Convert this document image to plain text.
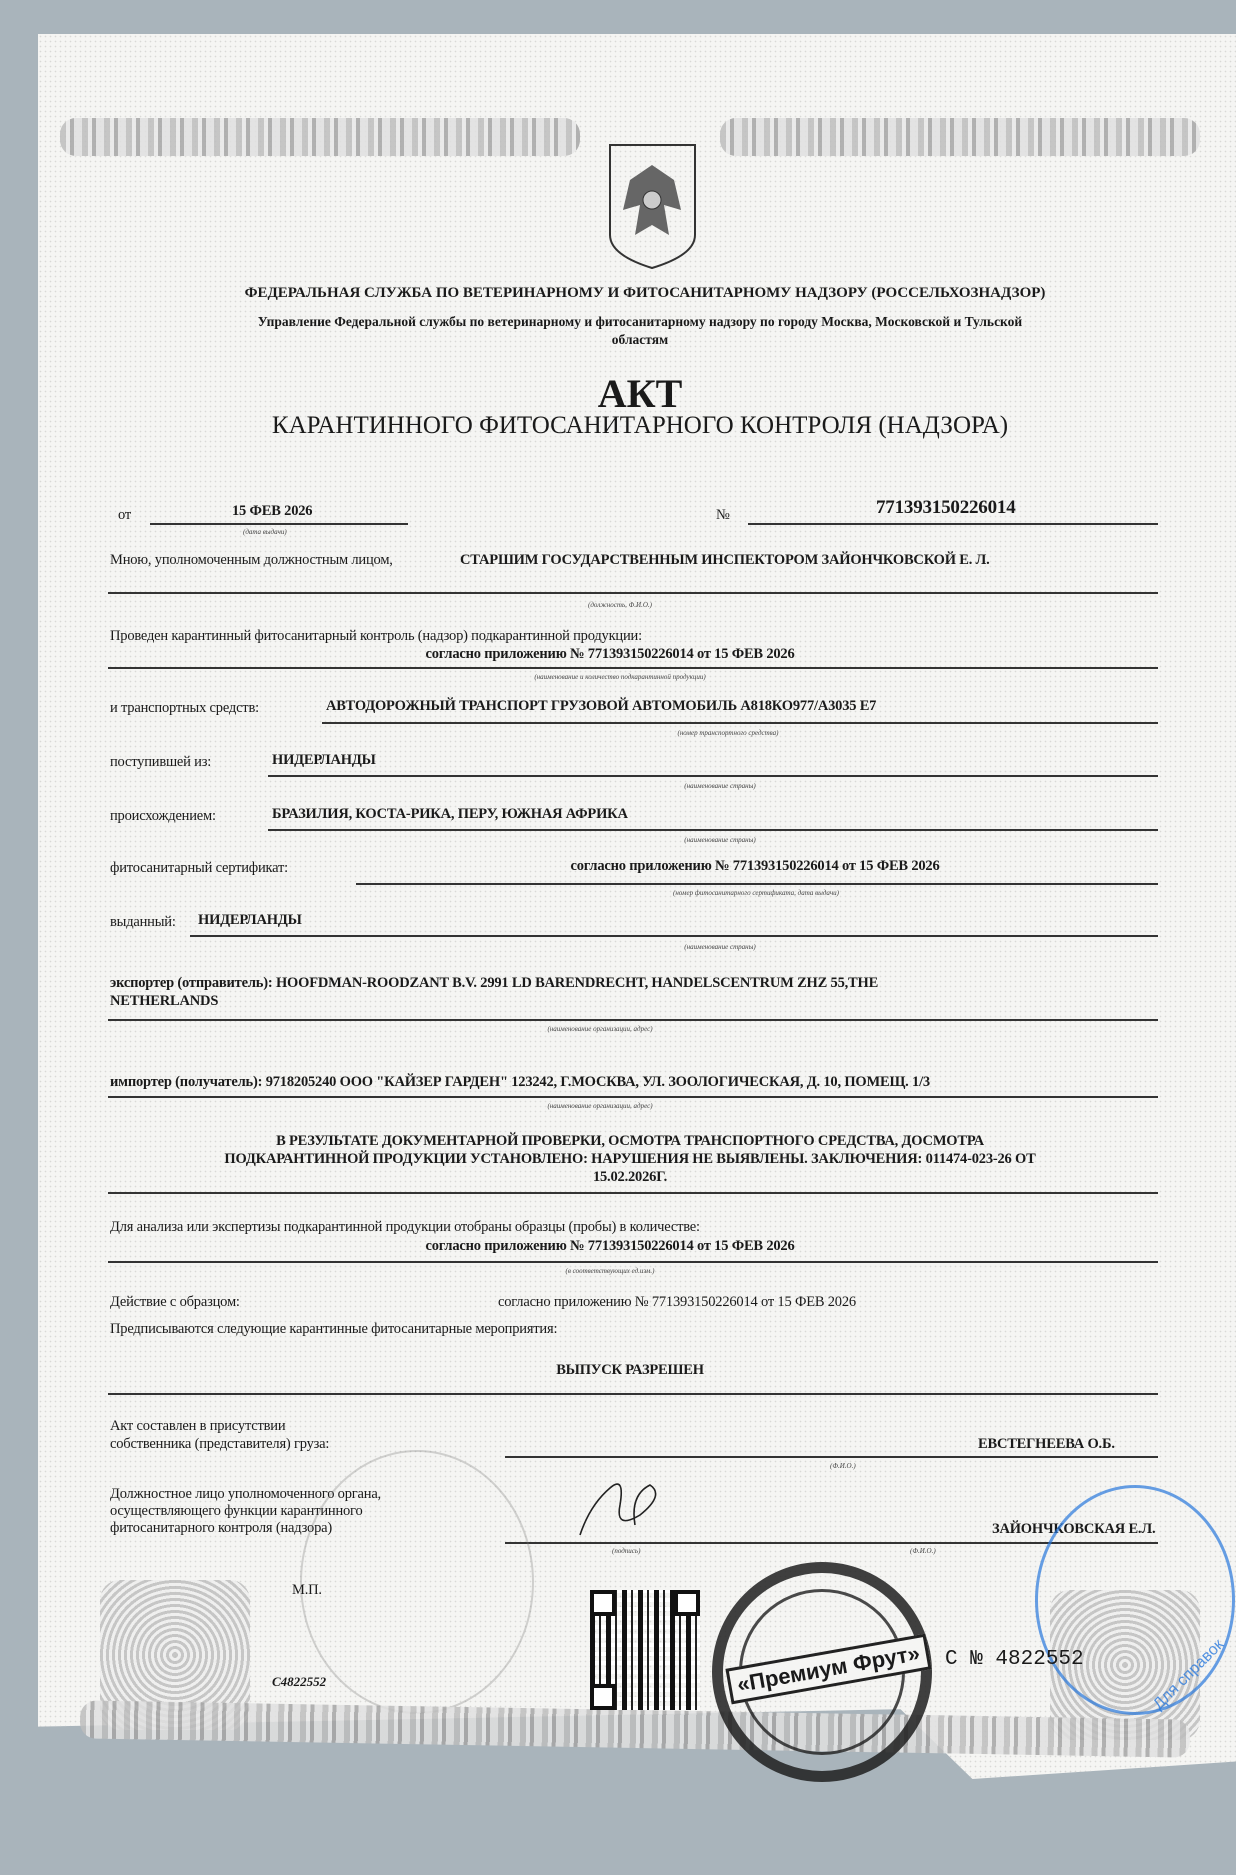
ФЕДЕРАЛЬНАЯ СЛУЖБА ПО ВЕТЕРИНАРНОМУ И ФИТОСАНИТАРНОМУ НАДЗОРУ (РОССЕЛЬХОЗНАДЗОР)
Управление Федеральной службы по ветеринарному и фитосанитарному надзору по городу Москва, Московской и Тульской
областям
АКТ
КАРАНТИННОГО ФИТОСАНИТАРНОГО КОНТРОЛЯ (НАДЗОРА)
от	15 ФЕВ 2026
(дата выдачи)
№	771393150226014
Мною, уполномоченным должностным лицом,	СТАРШИМ ГОСУДАРСТВЕННЫМ ИНСПЕКТОРОМ ЗАЙОНЧКОВСКОЙ Е. Л.
(должность, Ф.И.О.)
Проведен карантинный фитосанитарный контроль (надзор) подкарантинной продукции:
согласно приложению № 771393150226014 от 15 ФЕВ 2026
(наименование и количество подкарантинной продукции)
и транспортных средств:	АВТОДОРОЖНЫЙ ТРАНСПОРТ ГРУЗОВОЙ АВТОМОБИЛЬ А818КО977/А3035 Е7
(номер транспортного средства)
поступившей из:	НИДЕРЛАНДЫ
(наименование страны)
происхождением:	БРАЗИЛИЯ, КОСТА-РИКА, ПЕРУ, ЮЖНАЯ АФРИКА
(наименование страны)
фитосанитарный сертификат:	согласно приложению № 771393150226014 от 15 ФЕВ 2026
(номер фитосанитарного сертификата, дата выдачи)
выданный: НИДЕРЛАНДЫ
(наименование страны)
экспортер (отправитель): HOOFDMAN-ROODZANT B.V. 2991 LD BARENDRECHT, HANDELSCENTRUM ZHZ 55,THE
NETHERLANDS
(наименование организации, адрес)
импортер (получатель): 9718205240 ООО "КАЙЗЕР ГАРДЕН" 123242, Г.МОСКВА, УЛ. ЗООЛОГИЧЕСКАЯ, Д. 10, ПОМЕЩ. 1/3
(наименование организации, адрес)
В РЕЗУЛЬТАТЕ ДОКУМЕНТАРНОЙ ПРОВЕРКИ, ОСМОТРА ТРАНСПОРТНОГО СРЕДСТВА, ДОСМОТРА
ПОДКАРАНТИННОЙ ПРОДУКЦИИ УСТАНОВЛЕНО: НАРУШЕНИЯ НЕ ВЫЯВЛЕНЫ. ЗАКЛЮЧЕНИЯ: 011474-023-26 ОТ
15.02.2026Г.
Для анализа или экспертизы подкарантинной продукции отобраны образцы (пробы) в количестве:
согласно приложению № 771393150226014 от 15 ФЕВ 2026
(в соответствующих ед.изм.)
Действие с образцом:	согласно приложению № 771393150226014 от 15 ФЕВ 2026
Предписываются следующие карантинные фитосанитарные мероприятия:
ВЫПУСК РАЗРЕШЕН
Акт составлен в присутствии
собственника (представителя) груза:	ЕВСТЕГНЕЕВА О.Б.
(Ф.И.О.)
Должностное лицо уполномоченного органа,
осуществляющего функции карантинного
фитосанитарного контроля (надзора)	ЗАЙОНЧКОВСКАЯ Е.Л.
(подпись)	(Ф.И.О.)
М.П.
С4822552	«Премиум Фрут»	Для справок
С № 4822552
